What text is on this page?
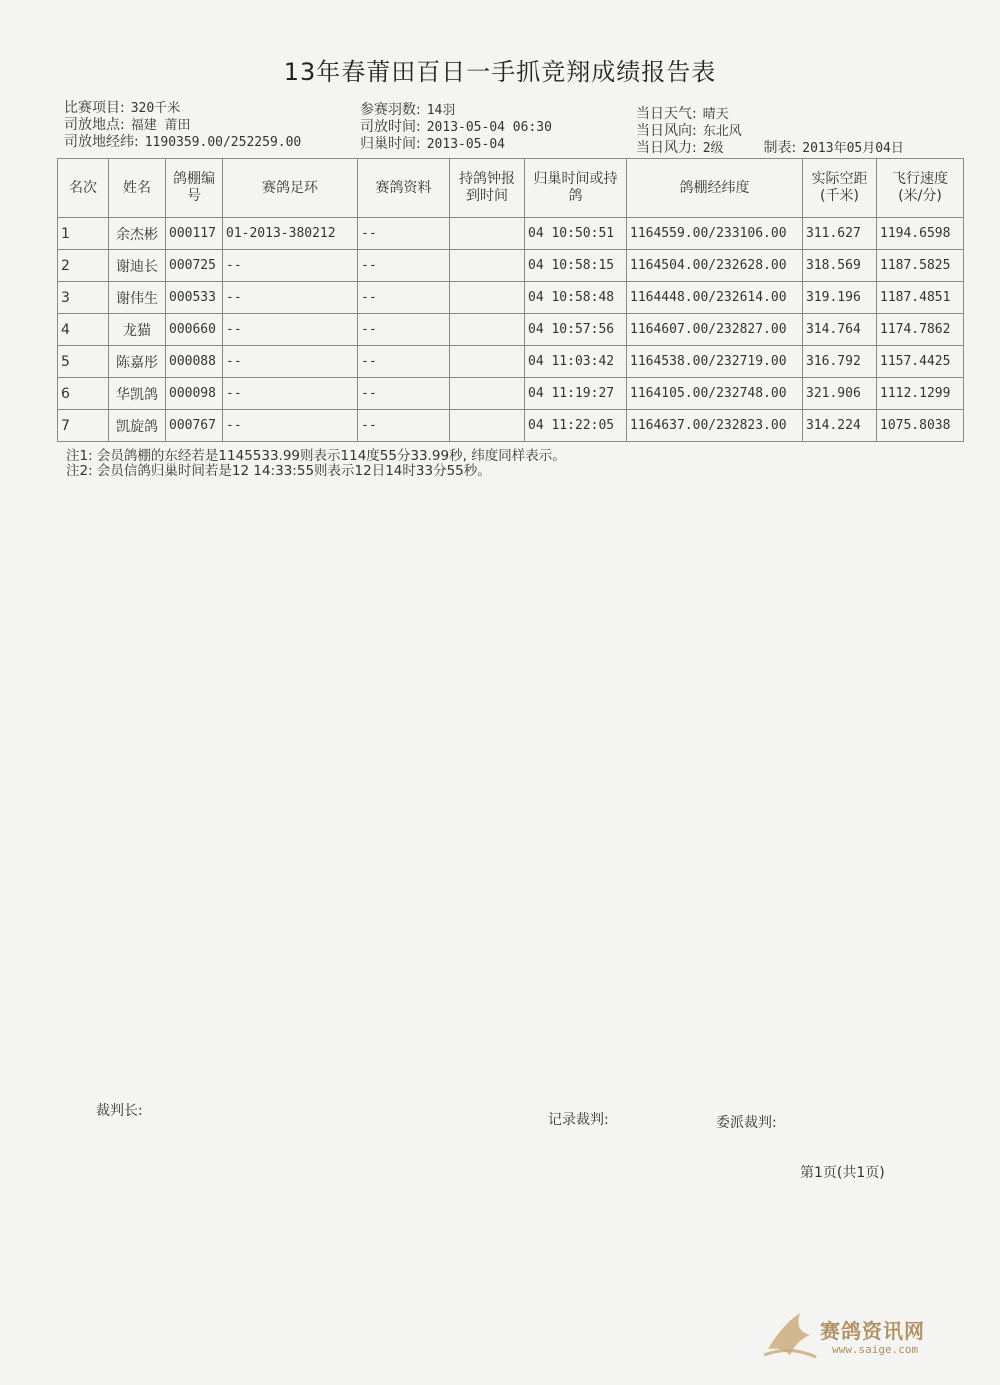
13年春莆田百日一手抓竞翔成绩报告表
比赛项目: 320千米
司放地点: 福建 莆田
司放地经纬: 1190359.00/252259.00
参赛羽数: 14羽
司放时间: 2013-05-04 06:30
归巢时间: 2013-05-04
当日天气: 晴天
当日风向: 东北风
当日风力: 2级	制表: 2013年05月04日
名次	姓名	鸽棚编号	赛鸽足环	赛鸽资料	持鸽钟报到时间	归巢时间或持鸽	鸽棚经纬度	实际空距(千米)	飞行速度(米/分)
1	余杰彬	000117	01-2013-380212	--		04 10:50:51	1164559.00/233106.00	311.627	1194.6598
2	谢迪长	000725	--	--		04 10:58:15	1164504.00/232628.00	318.569	1187.5825
3	谢伟生	000533	--	--		04 10:58:48	1164448.00/232614.00	319.196	1187.4851
4	龙猫	000660	--	--		04 10:57:56	1164607.00/232827.00	314.764	1174.7862
5	陈嘉彤	000088	--	--		04 11:03:42	1164538.00/232719.00	316.792	1157.4425
6	华凯鸽	000098	--	--		04 11:19:27	1164105.00/232748.00	321.906	1112.1299
7	凯旋鸽	000767	--	--		04 11:22:05	1164637.00/232823.00	314.224	1075.8038
注1: 会员鸽棚的东经若是1145533.99则表示114度55分33.99秒, 纬度同样表示。
注2: 会员信鸽归巢时间若是12 14:33:55则表示12日14时33分55秒。
裁判长:
记录裁判:	委派裁判:
第1页(共1页)
赛鸽资讯网
www.saige.com
